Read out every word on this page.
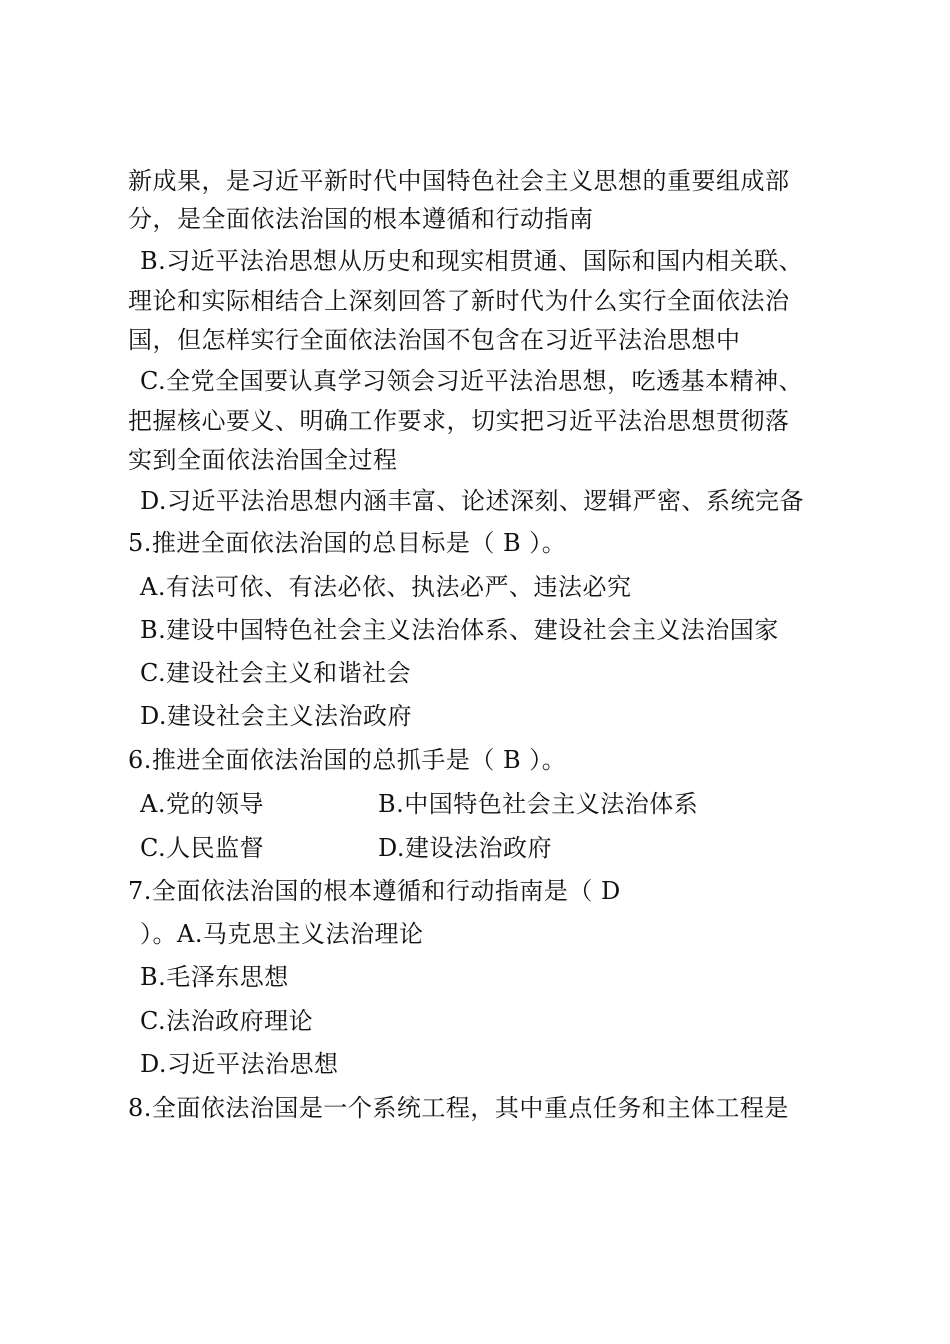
新成果，是习近平新时代中国特色社会主义思想的重要组成部
分，是全面依法治国的根本遵循和行动指南
B.习近平法治思想从历史和现实相贯通、国际和国内相关联、
理论和实际相结合上深刻回答了新时代为什么实行全面依法治
国，但怎样实行全面依法治国不包含在习近平法治思想中
C.全党全国要认真学习领会习近平法治思想，吃透基本精神、
把握核心要义、明确工作要求，切实把习近平法治思想贯彻落
实到全面依法治国全过程
D.习近平法治思想内涵丰富、论述深刻、逻辑严密、系统完备
5.推进全面依法治国的总目标是（ B ）。
A.有法可依、有法必依、执法必严、违法必究
B.建设中国特色社会主义法治体系、建设社会主义法治国家
C.建设社会主义和谐社会
D.建设社会主义法治政府
6.推进全面依法治国的总抓手是（ B ）。
A.党的领导	B.中国特色社会主义法治体系
C.人民监督	D.建设法治政府
7.全面依法治国的根本遵循和行动指南是（ D
）。A.马克思主义法治理论
B.毛泽东思想
C.法治政府理论
D.习近平法治思想
8.全面依法治国是一个系统工程，其中重点任务和主体工程是
